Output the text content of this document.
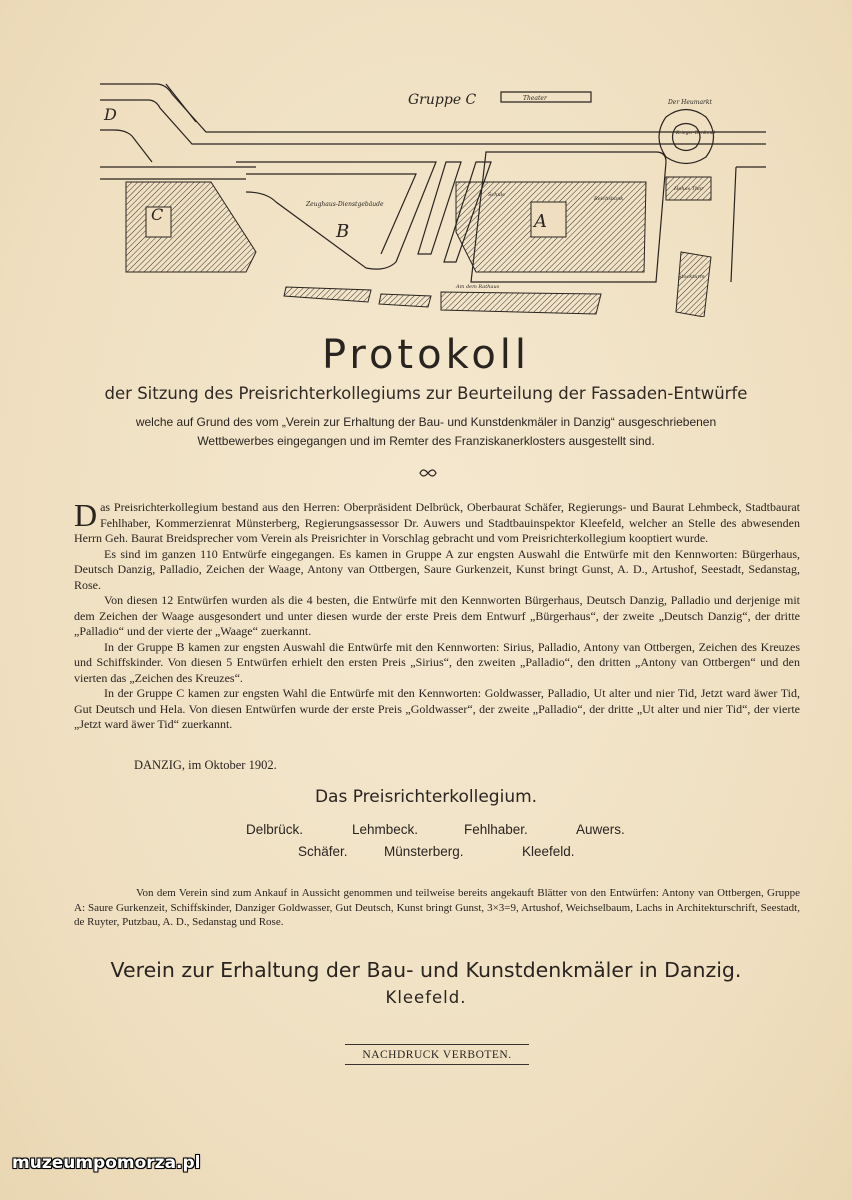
Gruppe C	Theater
Der Heumarkt
Krieger-Denkmal
Hohes Thor
Stockturm
Zeughaus-Dienstgebäude
Reichsbank
Schule
D
C
B	A
Am dem Rathaus
Protokoll
der Sitzung des Preisrichterkollegiums zur Beurteilung der Fassaden-Entwürfe
welche auf Grund des vom „Verein zur Erhaltung der Bau- und Kunstdenkmäler in Danzig“ ausgeschriebenen
Wettbewerbes eingegangen und im Remter des Franziskanerklosters ausgestellt sind.

Das Preisrichterkollegium bestand aus den Herren: Oberpräsident Delbrück, Oberbaurat Schäfer, Regierungs- und Baurat Lehmbeck, Stadtbaurat Fehlhaber, Kommerzienrat Münsterberg, Regierungsassessor Dr. Auwers und Stadtbauinspektor Kleefeld, welcher an Stelle des abwesenden Herrn Geh. Baurat Breidsprecher vom Verein als Preisrichter in Vorschlag gebracht und vom Preisrichterkollegium kooptiert wurde.

Es sind im ganzen 110 Entwürfe eingegangen. Es kamen in Gruppe A zur engsten Auswahl die Entwürfe mit den Kennworten: Bürgerhaus, Deutsch Danzig, Palladio, Zeichen der Waage, Antony van Ottbergen, Saure Gurkenzeit, Kunst bringt Gunst, A. D., Artushof, Seestadt, Sedanstag, Rose.

Von diesen 12 Entwürfen wurden als die 4 besten, die Entwürfe mit den Kennworten Bürgerhaus, Deutsch Danzig, Palladio und derjenige mit dem Zeichen der Waage ausgesondert und unter diesen wurde der erste Preis dem Entwurf „Bürgerhaus“, der zweite „Deutsch Danzig“, der dritte „Palladio“ und der vierte der „Waage“ zuerkannt.

In der Gruppe B kamen zur engsten Auswahl die Entwürfe mit den Kennworten: Sirius, Palladio, Antony van Ottbergen, Zeichen des Kreuzes und Schiffskinder. Von diesen 5 Entwürfen erhielt den ersten Preis „Sirius“, den zweiten „Palladio“, den dritten „Antony van Ottbergen“ und den vierten das „Zeichen des Kreuzes“.

In der Gruppe C kamen zur engsten Wahl die Entwürfe mit den Kennworten: Goldwasser, Palladio, Ut alter und nier Tid, Jetzt ward äwer Tid, Gut Deutsch und Hela. Von diesen Entwürfen wurde der erste Preis „Goldwasser“, der zweite „Palladio“, der dritte „Ut alter und nier Tid“, der vierte „Jetzt ward äwer Tid“ zuerkannt.

DANZIG, im Oktober 1902.
Das Preisrichterkollegium.
Delbrück.	Lehmbeck.	Fehlhaber.	Auwers.
Schäfer.	Münsterberg.	Kleefeld.

Von dem Verein sind zum Ankauf in Aussicht genommen und teilweise bereits angekauft Blätter von den Entwürfen: Antony van Ottbergen, Gruppe A: Saure Gurkenzeit, Schiffskinder, Danziger Goldwasser, Gut Deutsch, Kunst bringt Gunst, 3×3=9, Artushof, Weichselbaum, Lachs in Architekturschrift, Seestadt, de Ruyter, Putzbau, A. D., Sedanstag und Rose.

Verein zur Erhaltung der Bau- und Kunstdenkmäler in Danzig.
Kleefeld.
NACHDRUCK VERBOTEN.
muzeumpomorza.pl
